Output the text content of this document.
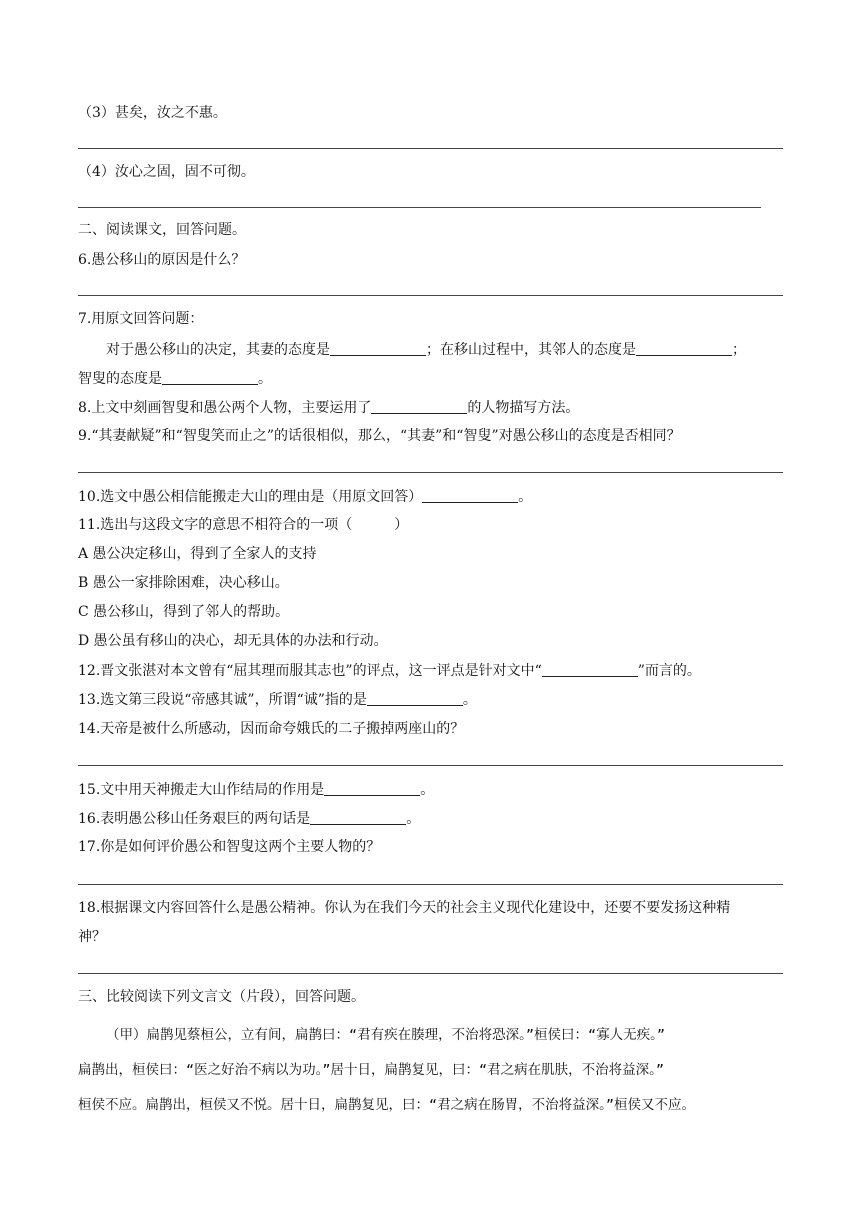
（3）甚矣，汝之不惠。
（4）汝心之固，固不可彻。
二、阅读课文，回答问题。
6.愚公移山的原因是什么？
7.用原文回答问题：
对于愚公移山的决定，其妻的态度是	；在移山过程中，其邻人的态度是	；
智叟的态度是	。
8.上文中刻画智叟和愚公两个人物，主要运用了	的人物描写方法。
9.“其妻献疑”和“智叟笑而止之”的话很相似，那么，“其妻”和“智叟”对愚公移山的态度是否相同？
10.选文中愚公相信能搬走大山的理由是（用原文回答）	。
11.选出与这段文字的意思不相符合的一项（　　　）
A 愚公决定移山，得到了全家人的支持
B 愚公一家排除困难，决心移山。
C 愚公移山，得到了邻人的帮助。
D 愚公虽有移山的决心，却无具体的办法和行动。
12.晋文张湛对本文曾有“屈其理而服其志也”的评点，这一评点是针对文中“	”而言的。
13.选文第三段说“帝感其诚”，所谓“诚”指的是	。
14.天帝是被什么所感动，因而命夸娥氏的二子搬掉两座山的？
15.文中用天神搬走大山作结局的作用是	。
16.表明愚公移山任务艰巨的两句话是	。
17.你是如何评价愚公和智叟这两个主要人物的？
18.根据课文内容回答什么是愚公精神。你认为在我们今天的社会主义现代化建设中，还要不要发扬这种精
神？
三、比较阅读下列文言文（片段），回答问题。
（甲）扁鹊见蔡桓公，立有间，扁鹊曰：“君有疾在腠理，不治将恐深。”桓侯曰：“寡人无疾。”
扁鹊出，桓侯曰：“医之好治不病以为功。”居十日，扁鹊复见，曰：“君之病在肌肤，不治将益深。”
桓侯不应。扁鹊出，桓侯又不悦。居十日，扁鹊复见，曰：“君之病在肠胃，不治将益深。”桓侯又不应。
